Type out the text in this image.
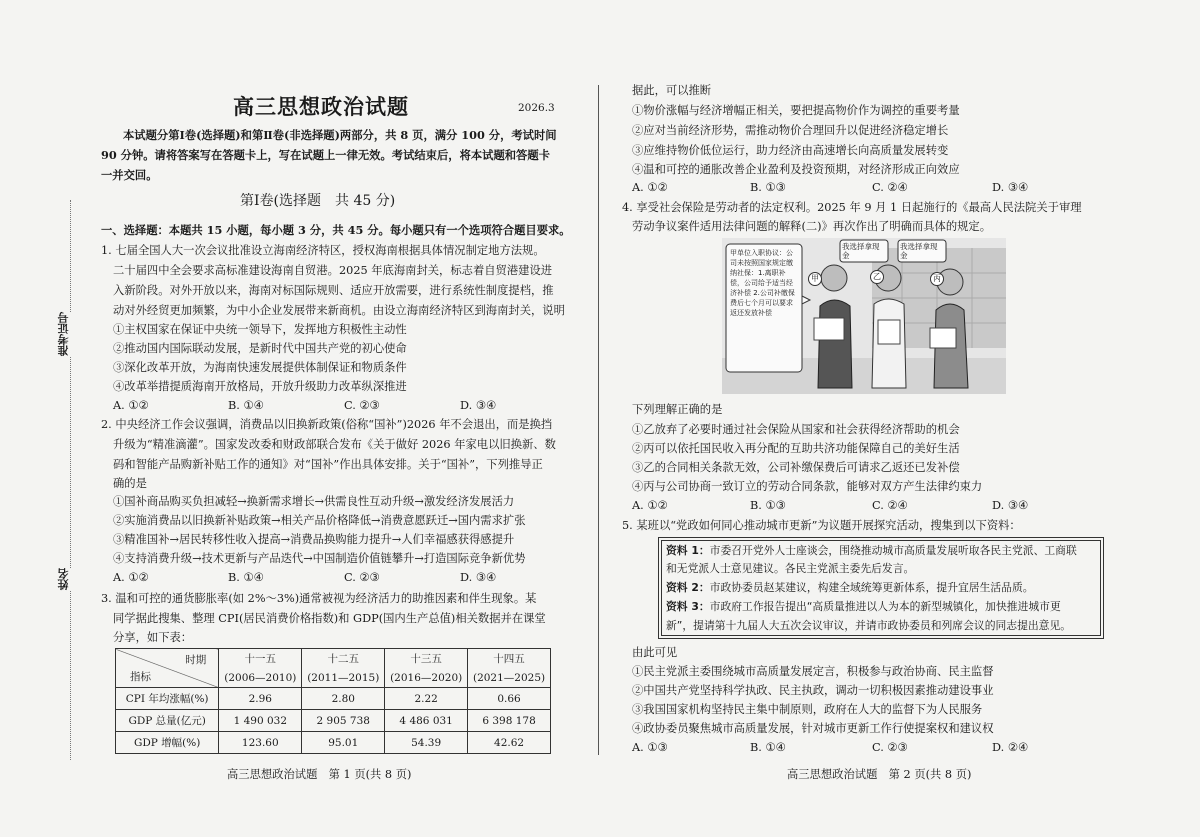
准考证号
姓名
高三思想政治试题	2026.3
本试题分第Ⅰ卷(选择题)和第Ⅱ卷(非选择题)两部分，共 8 页，满分 100 分，考试时间
90 分钟。请将答案写在答题卡上，写在试题上一律无效。考试结束后，将本试题和答题卡
一并交回。
第Ⅰ卷(选择题　共 45 分)
一、选择题：本题共 15 小题，每小题 3 分，共 45 分。每小题只有一个选项符合题目要求。
1. 七届全国人大一次会议批准设立海南经济特区，授权海南根据具体情况制定地方法规。
二十届四中全会要求高标准建设海南自贸港。2025 年底海南封关，标志着自贸港建设进
入新阶段。对外开放以来，海南对标国际规则、适应开放需要，进行系统性制度提档，推
动对外经贸更加频繁，为中小企业发展带来新商机。由设立海南经济特区到海南封关，说明
①主权国家在保证中央统一领导下，发挥地方积极性主动性
②推动国内国际联动发展，是新时代中国共产党的初心使命
③深化改革开放，为海南快速发展提供体制保证和物质条件
④改革举措提质海南开放格局，开放升级助力改革纵深推进
A. ①②	B. ①④	C. ②③	D. ③④
2. 中央经济工作会议强调，消费品以旧换新政策(俗称“国补”)2026 年不会退出，而是换挡
升级为“精准滴灌”。国家发改委和财政部联合发布《关于做好 2026 年家电以旧换新、数
码和智能产品购新补贴工作的通知》对“国补”作出具体安排。关于“国补”，下列推导正
确的是
①国补商品购买负担减轻→换新需求增长→供需良性互动升级→激发经济发展活力
②实施消费品以旧换新补贴政策→相关产品价格降低→消费意愿跃迁→国内需求扩张
③精准国补→居民转移性收入提高→消费品换购能力提升→人们幸福感获得感提升
④支持消费升级→技术更新与产品迭代→中国制造价值链攀升→打造国际竞争新优势
A. ①②	B. ①④	C. ②③	D. ③④
3. 温和可控的通货膨胀率(如 2%～3%)通常被视为经济活力的助推因素和伴生现象。某
同学据此搜集、整理 CPI(居民消费价格指数)和 GDP(国内生产总值)相关数据并在课堂
分享，如下表：
时期
指标	十一五	十二五	十三五	十四五
	(2006—2010)	(2011—2015)	(2016—2020)	(2021—2025)
CPI 年均涨幅(%)	2.96	2.80	2.22	0.66
GDP 总量(亿元)	1 490 032	2 905 738	4 486 031	6 398 178
GDP 增幅(%)	123.60	95.01	54.39	42.62
高三思想政治试题　第 1 页(共 8 页)
据此，可以推断
①物价涨幅与经济增幅正相关，要把提高物价作为调控的重要考量
②应对当前经济形势，需推动物价合理回升以促进经济稳定增长
③应维持物价低位运行，助力经济由高速增长向高质量发展转变
④温和可控的通胀改善企业盈利及投资预期，对经济形成正向效应
A. ①②	B. ①③	C. ②④	D. ③④
4. 享受社会保险是劳动者的法定权利。2025 年 9 月 1 日起施行的《最高人民法院关于审理
劳动争议案件适用法律问题的解释(二)》再次作出了明确而具体的规定。
甲单位入职协议：公司未按照国家规定缴纳社保：1.离职补偿，公司给予适当经济补偿 2.公司补缴保费后七个月可以要求返还发放补偿
我选择拿现金
我选择拿现金
甲	乙	丙
下列理解正确的是
①乙放弃了必要时通过社会保险从国家和社会获得经济帮助的机会
②丙可以依托国民收入再分配的互助共济功能保障自己的美好生活
③乙的合同相关条款无效，公司补缴保费后可请求乙返还已发补偿
④丙与公司协商一致订立的劳动合同条款，能够对双方产生法律约束力
A. ①②	B. ①③	C. ②④	D. ③④
5. 某班以“党政如何同心推动城市更新”为议题开展探究活动，搜集到以下资料：
资料 1：市委召开党外人士座谈会，围绕推动城市高质量发展听取各民主党派、工商联
和无党派人士意见建议。各民主党派主委先后发言。
资料 2：市政协委员赵某建议，构建全域统筹更新体系，提升宜居生活品质。
资料 3：市政府工作报告提出“高质量推进以人为本的新型城镇化，加快推进城市更
新”，提请第十九届人大五次会议审议，并请市政协委员和列席会议的同志提出意见。
由此可见
①民主党派主委围绕城市高质量发展定言，积极参与政治协商、民主监督
②中国共产党坚持科学执政、民主执政，调动一切积极因素推动建设事业
③我国国家机构坚持民主集中制原则，政府在人大的监督下为人民服务
④政协委员聚焦城市高质量发展，针对城市更新工作行使提案权和建议权
A. ①③	B. ①④	C. ②③	D. ②④
高三思想政治试题　第 2 页(共 8 页)
